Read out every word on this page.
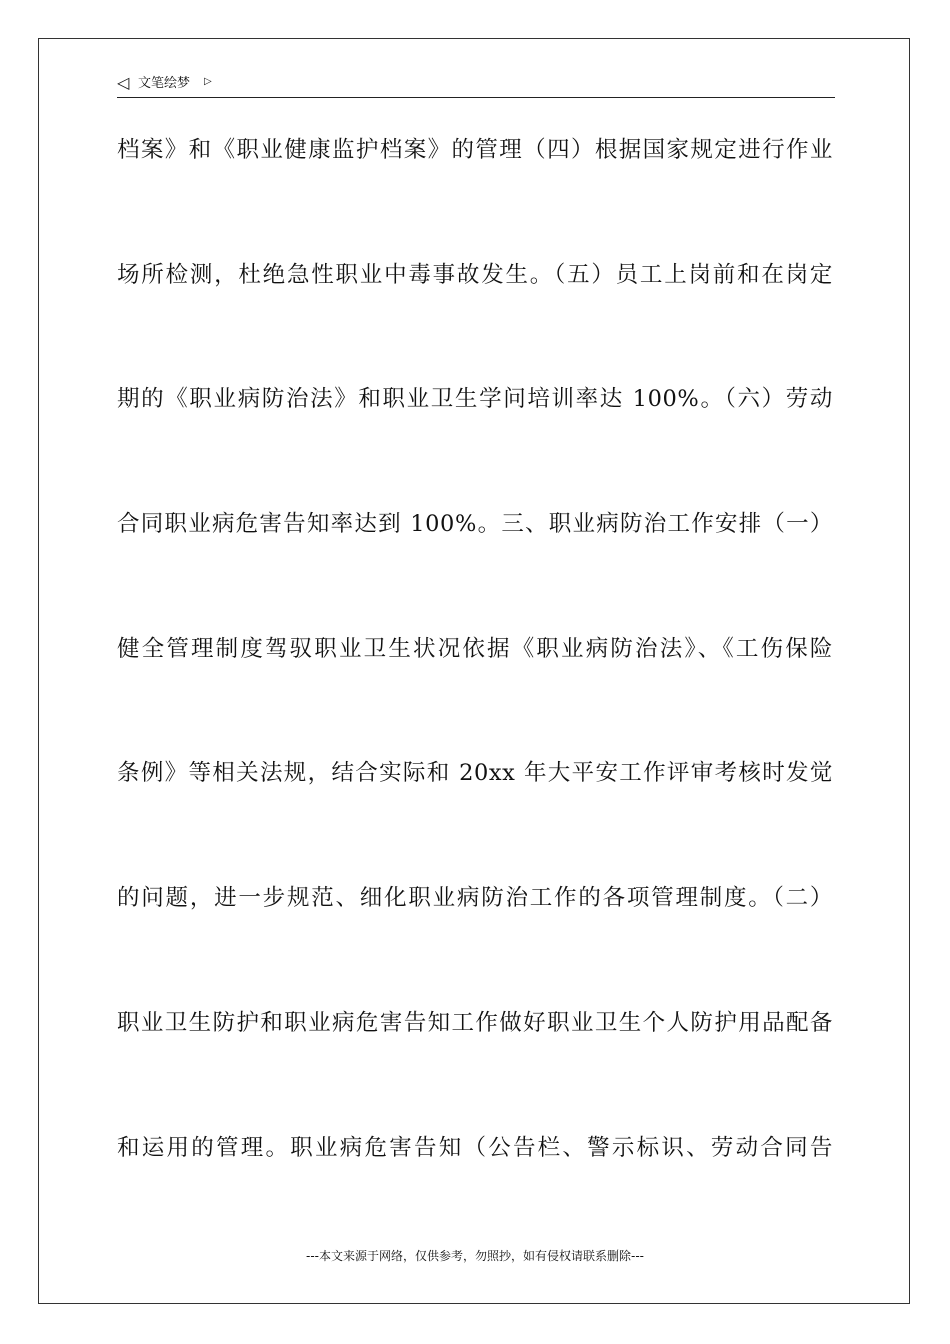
◁ 文笔绘梦 ▷
档案》和《职业健康监护档案》的管理（四）根据国家规定进行作业
场所检测，杜绝急性职业中毒事故发生。（五）员工上岗前和在岗定
期的《职业病防治法》和职业卫生学问培训率达 100%。（六）劳动
合同职业病危害告知率达到 100%。三、职业病防治工作安排（一）
健全管理制度驾驭职业卫生状况依据《职业病防治法》、《工伤保险
条例》等相关法规，结合实际和 20xx 年大平安工作评审考核时发觉
的问题，进一步规范、细化职业病防治工作的各项管理制度。（二）
职业卫生防护和职业病危害告知工作做好职业卫生个人防护用品配备
和运用的管理。职业病危害告知（公告栏、警示标识、劳动合同告
---本文来源于网络，仅供参考，勿照抄，如有侵权请联系删除---
